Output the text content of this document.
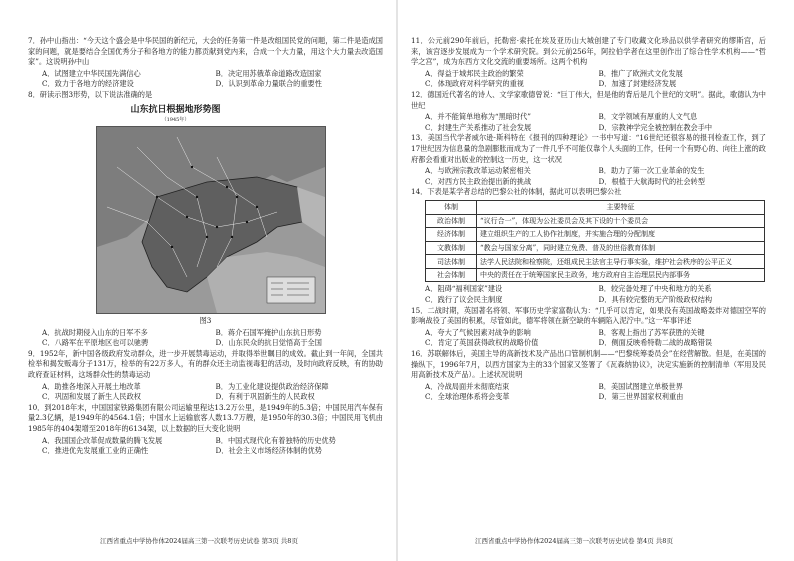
7．孙中山指出：“今天这个盛会是中华民国的新纪元，大会的任务第一件是改组国民党的问题，第二件是造成国家的问题，就是要结合全国优秀分子和各地方的能力都贡献到党内来，合成一个大力量，用这个大力量去改造国家”。这说明孙中山

A．试图建立中华民国先满信心	B．决定用苏俄革命道路改造国家
C．致力于各地方的经济建设	D．认识到革命力量联合的重要性

8．研读示图3形势，以下说法准确的是

山东抗日根据地形势图
（1945年）
图3
A．抗战时期侵入山东的日军不多	B．蒋介石国军掩护山东抗日形势
C．八路军在平原地区也可以驰骋	D．山东民众的抗日觉悟高于全国

9．1952年，新中国各级政府发动群众，进一步开展禁毒运动，并取得举世瞩目的成效。截止到一年间，全国共检举和揭发贩毒分子131万，检举的有22万多人，有的群众还主动监视毒犯的活动，及时向政府反映，有的协助政府查证材料，这场群众性的禁毒运动

A．助推各地深入开展土地改革	B．为工业化建设提供政治经济保障
C．巩固和发展了新生人民政权	D．有利于巩固新生的人民政权

10．到2018年末，中国国家铁路集团有限公司运输里程达13.2万公里，是1949年的5.3倍；中国民用汽车保有量2.3亿辆，是1949年的4564.1倍；中国水上运输旅客人数13.7万艘，是1950年的30.3倍；中国民用飞机由1985年的404架增至2018年的6134架，以上数据的巨大变化说明

A．我国国企改革促成数量的腾飞发展	B．中国式现代化有着独特的历史优势
C．推进优先发展重工业的正确性	D．社会主义市场经济体制的优势
江西省重点中学协作体2024届高三第一次联考历史试卷 第3页 共8页

11．公元前290年前后，托勒密·索托在埃及亚历山大城创建了专门收藏文化珍品以供学者研究的缪斯宫，后来，该宫逐步发展成为一个学术研究院。到公元前256年，阿拉伯学者在这里创作出了综合性学术机构——“哲学之宫”，成为东西方文化交流的重要场所。这两个机构

A．得益于城邦民主政治的繁荣	B．推广了欧洲式文化发展
C．体现政府对科学研究的重视	D．加速了封建经济发展

12．德国近代著名的诗人、文学家歌德曾说：“巨丁伟大，但是他的背后是几个世纪的文明”。据此，歌德认为中世纪

A．并不能简单地称为“黑暗时代”	B．文学领域有厚重的人文气息
C．封建生产关系推动了社会发展	D．宗教神学完全被控制在教会手中

13．美国当代学者威尔逊·斯科特在《报刊的四种理论》一书中写道：“16世纪还很容易的报刊检查工作，到了17世纪因为信息量的急剧膨胀而成为了一件几乎不可能仅靠个人头面的工作，任何一个有野心的、向往上涨的政府都会看重对出版业的控制这一历史，这一状况

A．与欧洲宗教改革运动紧密相关	B．助力了第一次工业革命的发生
C．对西方民主政治提出新的挑战	D．根植于大航海时代的社会转型

14．下表是某学者总结的巴黎公社的体制，据此可以表明巴黎公社

体制	主要特征
政治体制	“议行合一”，体现为公社委员会及其下设的十个委员会
经济体制	建立组织生产的工人协作社制度，并实施合理的分配制度
文教体制	“教会与国家分离”，同时建立免费、普及的世俗教育体制
司法体制	法学人民法院和检察院，还组成民主法官主导行事实验，维护社会秩序的公平正义
社会体制	中央的责任在于统筹国家民主政务，地方政府自主治理层民内部事务
A．阻碍“福利国家”建设	B．较完备处理了中央和地方的关系
C．践行了议会民主制度	D．具有较完整的无产阶级政权结构

15．二战时期，英国著名将领、军事历史学家富勒认为：“几乎可以肯定，如果没有英国战略轰炸对德国空军的影响战役了美国的积累，尽管如此，德军将领在新空缺的车辆陷入泥泞中。”这一军事评述

A．夸大了气候因素对战争的影响	B．客观上指出了苏军获胜的关键
C．肯定了英国获得政权的战略价值	D．侧面反映希特勒二战的战略错误

16．苏联解体后，美国主导的高新技术及产品出口管制机制——“巴黎统筹委员会”在经营解散。但是，在美国的操纵下，1996年7月，以西方国家为主的33个国家又签署了《瓦森纳协议》，决定实施新的控制清单（军用及民用高新技术及产品）。上述状况说明

A．冷战局面并未彻底结束	B．美国试图建立单极世界
C．全球治理体系将会变革	D．第三世界国家权利重由
江西省重点中学协作体2024届高三第一次联考历史试卷 第4页 共8页
